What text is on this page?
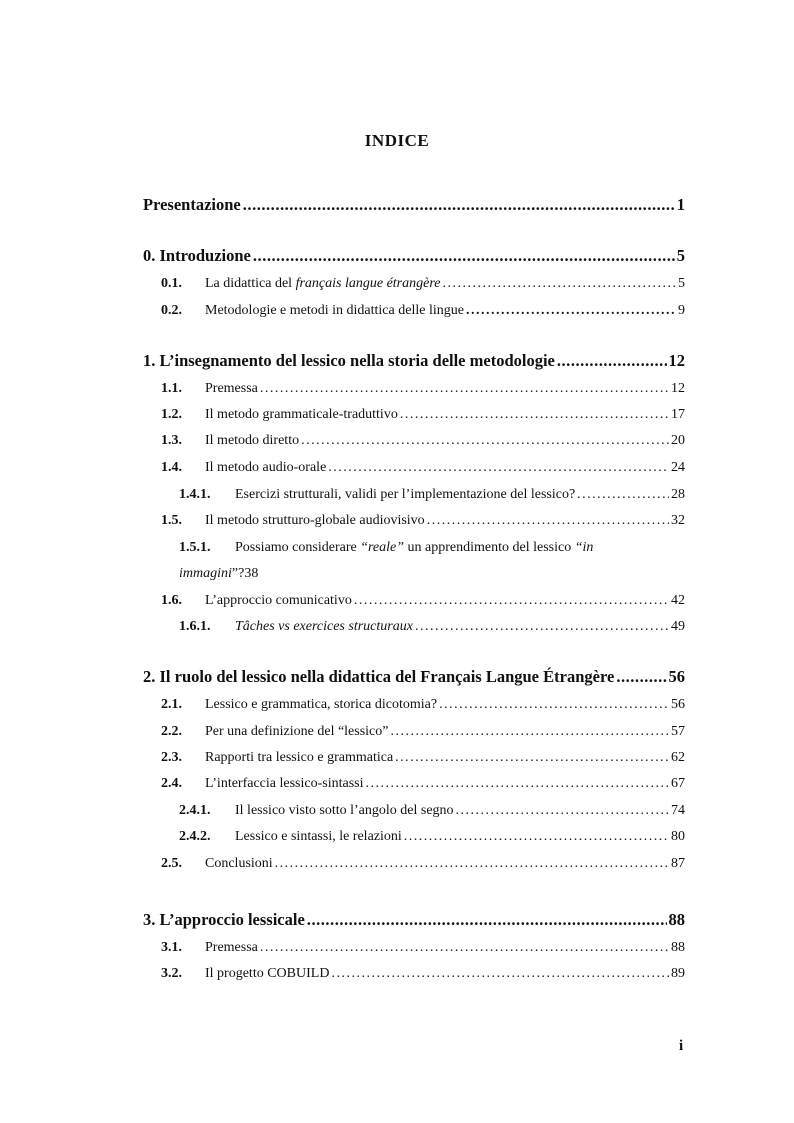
INDICE
Presentazione . . .	1
0. Introduzione . . .	5
0.1. La didattica del français langue étrangère . . .	5
0.2. Metodologie e metodi in didattica delle lingue . . .	9
1. L’insegnamento del lessico nella storia delle metodologie . . .	12
1.1. Premessa . . .	12
1.2. Il metodo grammaticale-traduttivo . . .	17
1.3. Il metodo diretto . . .	20
1.4. Il metodo audio-orale . . .	24
1.4.1. Esercizi strutturali, validi per l’implementazione del lessico? . . .	28
1.5. Il metodo strutturo-globale audiovisivo . . .	32
1.5.1. Possiamo considerare “reale” un apprendimento del lessico “in
immagini”? 38
1.6. L’approccio comunicativo . . .	42
1.6.1. Tâches vs exercices structuraux . . .	49
2. Il ruolo del lessico nella didattica del Français Langue Étrangère . . .	56
2.1. Lessico e grammatica, storica dicotomia? . . .	56
2.2. Per una definizione del “lessico” . . .	57
2.3. Rapporti tra lessico e grammatica . . .	62
2.4. L’interfaccia lessico-sintassi . . .	67
2.4.1. Il lessico visto sotto l’angolo del segno . . .	74
2.4.2. Lessico e sintassi, le relazioni . . .	80
2.5. Conclusioni . . .	87
3. L’approccio lessicale . . .	88
3.1. Premessa . . .	88
3.2. Il progetto COBUILD . . .	89
i
